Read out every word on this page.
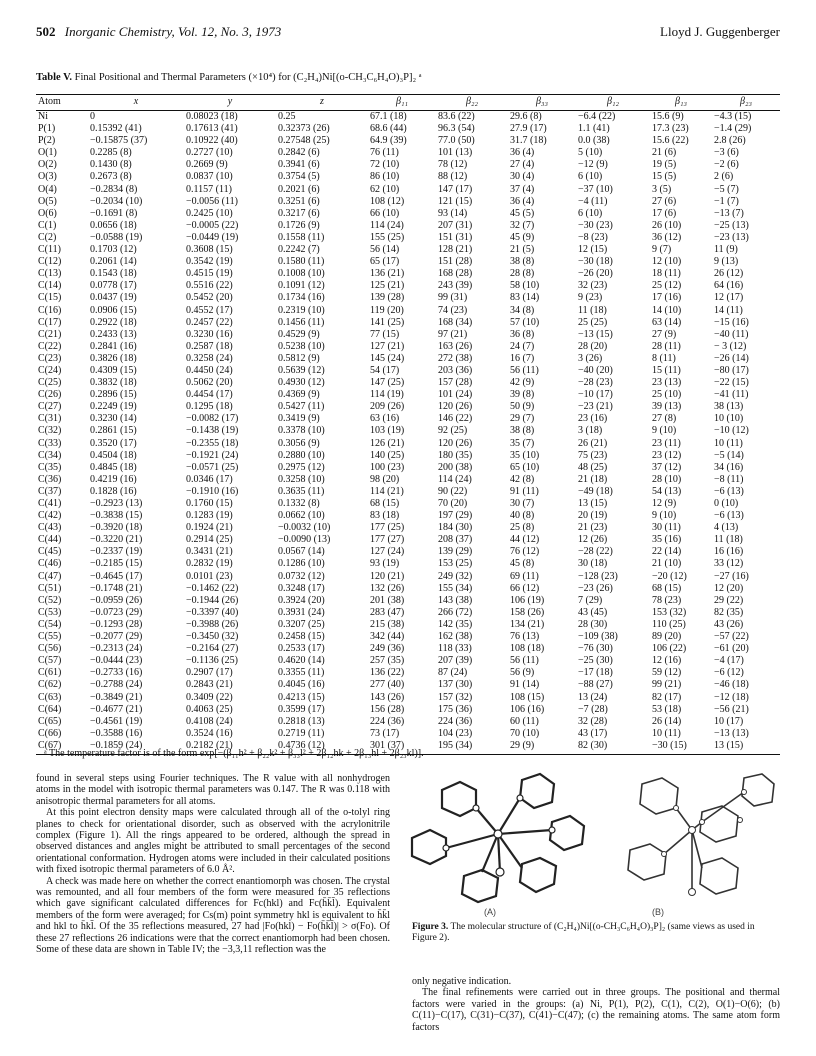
502 Inorganic Chemistry, Vol. 12, No. 3, 1973	Lloyd J. Guggenberger
Table V. Final Positional and Thermal Parameters (×10⁴) for (C₂H₄)Ni[(o-CH₃C₆H₄O)₃P]₂ ᵃ
Atom	x	y	z	β₁₁	β₂₂	β₃₃	β₁₂	β₁₃	β₂₃
Ni	0	0.08023 (18)	0.25	67.1 (18)	83.6 (22)	29.6 (8)	−6.4 (22)	15.6 (9)	−4.3 (15)
P(1)	0.15392 (41)	0.17613 (41)	0.32373 (26)	68.6 (44)	96.3 (54)	27.9 (17)	1.1 (41)	17.3 (23)	−1.4 (29)
P(2)	−0.15875 (37)	0.10922 (40)	0.27548 (25)	64.9 (39)	77.0 (50)	31.7 (18)	0.0 (38)	15.6 (22)	2.8 (26)
O(1)	0.2285 (8)	0.2727 (10)	0.2842 (6)	76 (11)	101 (13)	36 (4)	5 (10)	21 (6)	−3 (6)
O(2)	0.1430 (8)	0.2669 (9)	0.3941 (6)	72 (10)	78 (12)	27 (4)	−12 (9)	19 (5)	−2 (6)
O(3)	0.2673 (8)	0.0837 (10)	0.3754 (5)	86 (10)	88 (12)	30 (4)	6 (10)	15 (5)	2 (6)
O(4)	−0.2834 (8)	0.1157 (11)	0.2021 (6)	62 (10)	147 (17)	37 (4)	−37 (10)	3 (5)	−5 (7)
O(5)	−0.2034 (10)	−0.0056 (11)	0.3251 (6)	108 (12)	121 (15)	36 (4)	−4 (11)	27 (6)	−1 (7)
O(6)	−0.1691 (8)	0.2425 (10)	0.3217 (6)	66 (10)	93 (14)	45 (5)	6 (10)	17 (6)	−13 (7)
C(1)	0.0656 (18)	−0.0005 (22)	0.1726 (9)	114 (24)	207 (31)	32 (7)	−30 (23)	26 (10)	−25 (13)
C(2)	−0.0588 (19)	−0.0449 (19)	0.1558 (11)	155 (25)	151 (31)	45 (9)	−8 (23)	36 (12)	−23 (13)
C(11)	0.1703 (12)	0.3608 (15)	0.2242 (7)	56 (14)	128 (21)	21 (5)	12 (15)	9 (7)	11 (9)
C(12)	0.2061 (14)	0.3542 (19)	0.1580 (11)	65 (17)	151 (28)	38 (8)	−30 (18)	12 (10)	9 (13)
C(13)	0.1543 (18)	0.4515 (19)	0.1008 (10)	136 (21)	168 (28)	28 (8)	−26 (20)	18 (11)	26 (12)
C(14)	0.0778 (17)	0.5516 (22)	0.1091 (12)	125 (21)	243 (39)	58 (10)	32 (23)	25 (12)	64 (16)
C(15)	0.0437 (19)	0.5452 (20)	0.1734 (16)	139 (28)	99 (31)	83 (14)	9 (23)	17 (16)	12 (17)
C(16)	0.0906 (15)	0.4552 (17)	0.2319 (10)	119 (20)	74 (23)	34 (8)	11 (18)	14 (10)	14 (11)
C(17)	0.2922 (18)	0.2457 (22)	0.1456 (11)	141 (25)	168 (34)	57 (10)	25 (25)	63 (14)	−15 (16)
C(21)	0.2433 (13)	0.3230 (16)	0.4529 (9)	77 (15)	97 (21)	36 (8)	−13 (15)	27 (9)	−40 (11)
C(22)	0.2841 (16)	0.2587 (18)	0.5238 (10)	127 (21)	163 (26)	24 (7)	28 (20)	28 (11)	− 3 (12)
C(23)	0.3826 (18)	0.3258 (24)	0.5812 (9)	145 (24)	272 (38)	16 (7)	3 (26)	8 (11)	−26 (14)
C(24)	0.4309 (15)	0.4450 (24)	0.5639 (12)	54 (17)	203 (36)	56 (11)	−40 (20)	15 (11)	−80 (17)
C(25)	0.3832 (18)	0.5062 (20)	0.4930 (12)	147 (25)	157 (28)	42 (9)	−28 (23)	23 (13)	−22 (15)
C(26)	0.2896 (15)	0.4454 (17)	0.4369 (9)	114 (19)	101 (24)	39 (8)	−10 (17)	25 (10)	−41 (11)
C(27)	0.2249 (19)	0.1295 (18)	0.5427 (11)	209 (26)	120 (26)	50 (9)	−23 (21)	39 (13)	38 (13)
C(31)	0.3230 (14)	−0.0082 (17)	0.3419 (9)	63 (16)	146 (22)	29 (7)	23 (16)	27 (8)	10 (10)
C(32)	0.2861 (15)	−0.1438 (19)	0.3378 (10)	103 (19)	92 (25)	38 (8)	3 (18)	9 (10)	−10 (12)
C(33)	0.3520 (17)	−0.2355 (18)	0.3056 (9)	126 (21)	120 (26)	35 (7)	26 (21)	23 (11)	10 (11)
C(34)	0.4504 (18)	−0.1921 (24)	0.2880 (10)	140 (25)	180 (35)	35 (10)	75 (23)	23 (12)	−5 (14)
C(35)	0.4845 (18)	−0.0571 (25)	0.2975 (12)	100 (23)	200 (38)	65 (10)	48 (25)	37 (12)	34 (16)
C(36)	0.4219 (16)	0.0346 (17)	0.3258 (10)	98 (20)	114 (24)	42 (8)	21 (18)	28 (10)	−8 (11)
C(37)	0.1828 (16)	−0.1910 (16)	0.3635 (11)	114 (21)	90 (22)	91 (11)	−49 (18)	54 (13)	−6 (13)
C(41)	−0.2923 (13)	0.1760 (15)	0.1332 (8)	68 (15)	70 (20)	30 (7)	13 (15)	12 (9)	0 (10)
C(42)	−0.3838 (15)	0.1283 (19)	0.0662 (10)	83 (18)	197 (29)	40 (8)	20 (19)	9 (10)	−6 (13)
C(43)	−0.3920 (18)	0.1924 (21)	−0.0032 (10)	177 (25)	184 (30)	25 (8)	21 (23)	30 (11)	4 (13)
C(44)	−0.3220 (21)	0.2914 (25)	−0.0090 (13)	177 (27)	208 (37)	44 (12)	12 (26)	35 (16)	11 (18)
C(45)	−0.2337 (19)	0.3431 (21)	0.0567 (14)	127 (24)	139 (29)	76 (12)	−28 (22)	22 (14)	16 (16)
C(46)	−0.2185 (15)	0.2832 (19)	0.1286 (10)	93 (19)	153 (25)	45 (8)	30 (18)	21 (10)	33 (12)
C(47)	−0.4645 (17)	0.0101 (23)	0.0732 (12)	120 (21)	249 (32)	69 (11)	−128 (23)	−20 (12)	−27 (16)
C(51)	−0.1748 (21)	−0.1462 (22)	0.3248 (17)	132 (26)	155 (34)	66 (12)	−23 (26)	68 (15)	12 (20)
C(52)	−0.0959 (26)	−0.1944 (26)	0.3924 (20)	201 (38)	143 (38)	106 (19)	7 (29)	78 (23)	29 (22)
C(53)	−0.0723 (29)	−0.3397 (40)	0.3931 (24)	283 (47)	266 (72)	158 (26)	43 (45)	153 (32)	82 (35)
C(54)	−0.1293 (28)	−0.3988 (26)	0.3207 (25)	215 (38)	142 (35)	134 (21)	28 (30)	110 (25)	43 (26)
C(55)	−0.2077 (29)	−0.3450 (32)	0.2458 (15)	342 (44)	162 (38)	76 (13)	−109 (38)	89 (20)	−57 (22)
C(56)	−0.2313 (24)	−0.2164 (27)	0.2533 (17)	249 (36)	118 (33)	108 (18)	−76 (30)	106 (22)	−61 (20)
C(57)	−0.0444 (23)	−0.1136 (25)	0.4620 (14)	257 (35)	207 (39)	56 (11)	−25 (30)	12 (16)	−4 (17)
C(61)	−0.2733 (16)	0.2907 (17)	0.3355 (11)	136 (22)	87 (24)	56 (9)	−17 (18)	59 (12)	−6 (12)
C(62)	−0.2788 (24)	0.2843 (21)	0.4045 (16)	277 (40)	137 (30)	91 (14)	−88 (27)	99 (21)	−46 (18)
C(63)	−0.3849 (21)	0.3409 (22)	0.4213 (15)	143 (26)	157 (32)	108 (15)	13 (24)	82 (17)	−12 (18)
C(64)	−0.4677 (21)	0.4063 (25)	0.3599 (17)	156 (28)	175 (36)	106 (16)	−7 (28)	53 (18)	−56 (21)
C(65)	−0.4561 (19)	0.4108 (24)	0.2818 (13)	224 (36)	224 (36)	60 (11)	32 (28)	26 (14)	10 (17)
C(66)	−0.3588 (16)	0.3524 (16)	0.2719 (11)	73 (17)	104 (23)	70 (10)	43 (17)	10 (11)	−13 (13)
C(67)	−0.1859 (24)	0.2182 (21)	0.4736 (12)	301 (37)	195 (34)	29 (9)	82 (30)	−30 (15)	13 (15)
ᵃ The temperature factor is of the form exp[−(β₁₁h² + β₂₂k² + β₃₃l² + 2β₁₂hk + 2β₁₃hl + 2β₂₃kl)].

found in several steps using Fourier techniques. The R value with all nonhydrogen atoms in the model with isotropic thermal parameters was 0.147. The R was 0.118 with anisotropic thermal parameters for all atoms.

At this point electron density maps were calculated through all of the o-tolyl ring planes to check for orientational disorder, such as observed with the acrylonitrile complex (Figure 1). All the rings appeared to be ordered, although the spread in observed distances and angles might be attributed to small percentages of the second orientational conformation. Hydrogen atoms were included in their calculated positions with fixed isotropic thermal parameters of 6.0 Å².

A check was made here on whether the correct enantiomorph was chosen. The crystal was remounted, and all four members of the form were measured for 35 reflections which gave significant calculated differences for Fc(hkl) and Fc(h̄k̄l̄). Equivalent members of the form were averaged; for Cs(m) point symmetry hkl is equivalent to h̄k̄l and hkl to h̄kl̄. Of the 35 reflections measured, 27 had |Fo(hkl) − Fo(h̄k̄l̄)| > σ(Fo). Of these 27 reflections 26 indications were that the correct enantiomorph had been chosen. Some of these data are shown in Table IV; the −3,3,11 reflection was the

(A)	(B)
Figure 3. The molecular structure of (C₂H₄)Ni[(o-CH₃C₆H₄O)₃P]₂ (same views as used in Figure 2).

only negative indication.

The final refinements were carried out in three groups. The positional and thermal factors were varied in the groups: (a) Ni, P(1), P(2), C(1), C(2), O(1)−O(6); (b) C(11)−C(17), C(31)−C(37), C(41)−C(47); (c) the remaining atoms. The same atom form factors
